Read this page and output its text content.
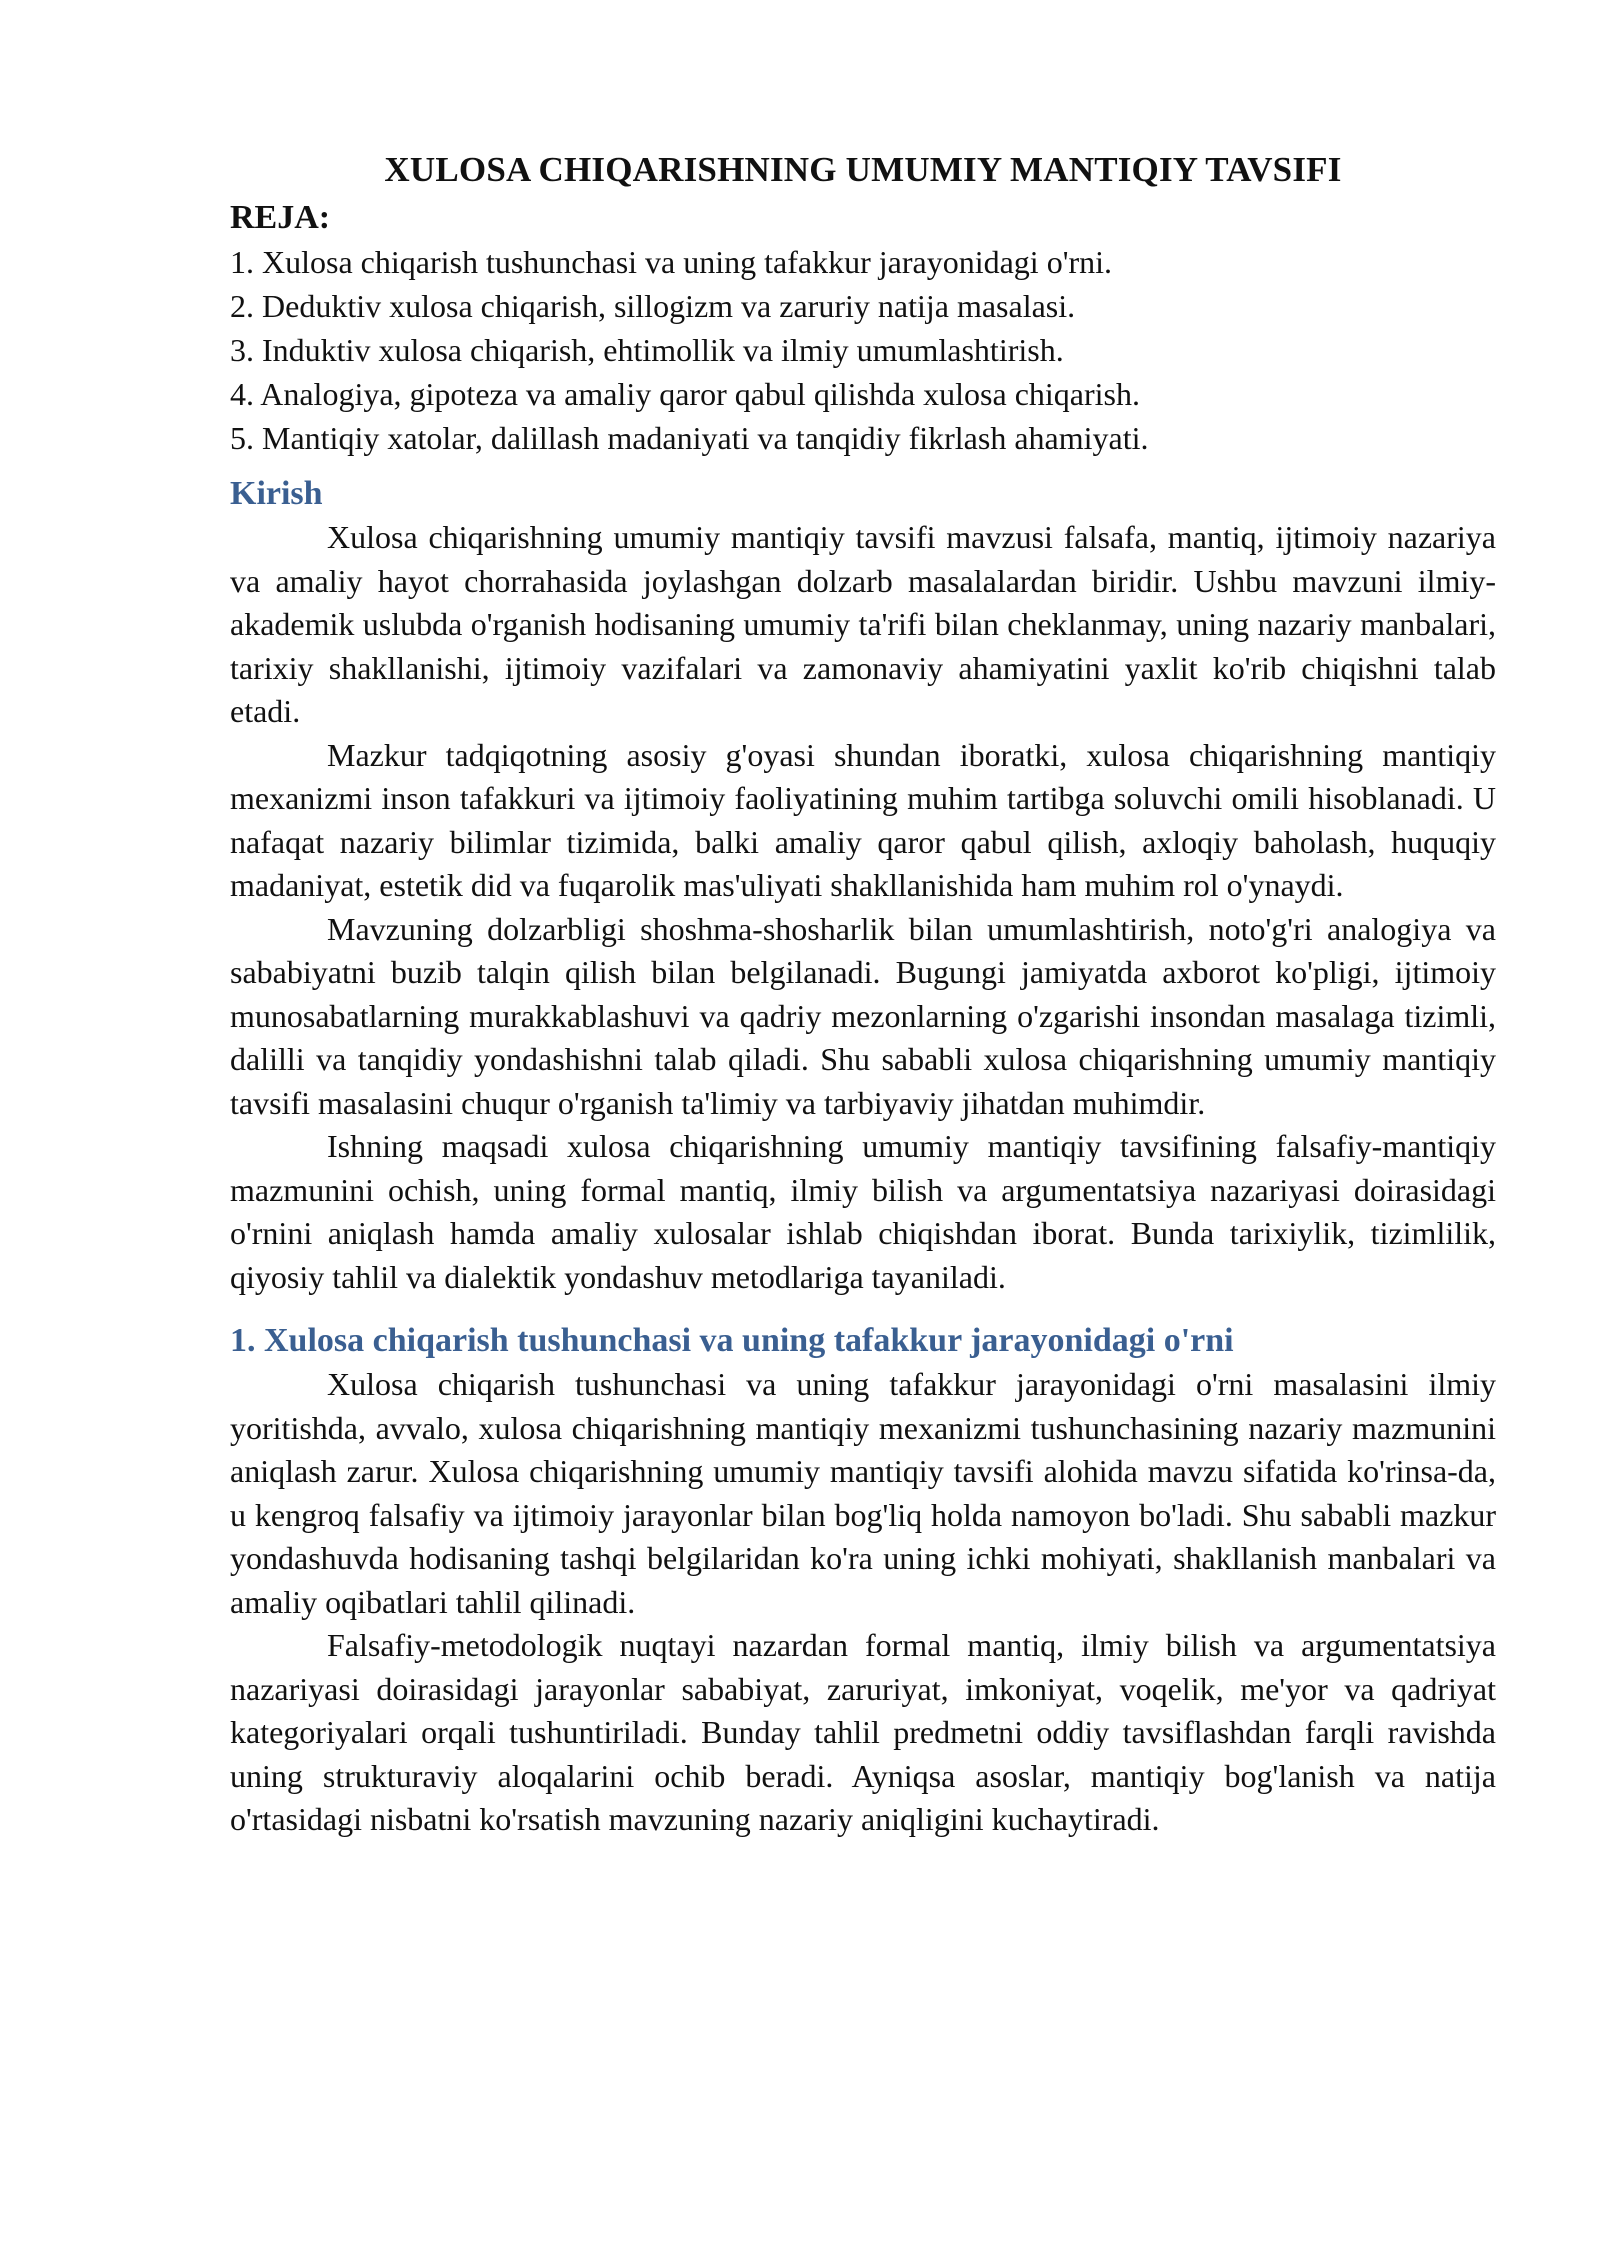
XULOSA CHIQARISHNING UMUMIY MANTIQIY TAVSIFI
REJA:
1. Xulosa chiqarish tushunchasi va uning tafakkur jarayonidagi o'rni.
2. Deduktiv xulosa chiqarish, sillogizm va zaruriy natija masalasi.
3. Induktiv xulosa chiqarish, ehtimollik va ilmiy umumlashtirish.
4. Analogiya, gipoteza va amaliy qaror qabul qilishda xulosa chiqarish.
5. Mantiqiy xatolar, dalillash madaniyati va tanqidiy fikrlash ahamiyati.
Kirish

Xulosa chiqarishning umumiy mantiqiy tavsifi mavzusi falsafa, mantiq, ijtimoiy nazariya va amaliy hayot chorrahasida joylashgan dolzarb masalalardan biridir. Ushbu mavzuni ilmiy-akademik uslubda o'rganish hodisaning umumiy ta'rifi bilan cheklanmay, uning nazariy manbalari, tarixiy shakllanishi, ijtimoiy vazifalari va zamonaviy ahamiyatini yaxlit ko'rib chiqishni talab etadi.

Mazkur tadqiqotning asosiy g'oyasi shundan iboratki, xulosa chiqarishning mantiqiy mexanizmi inson tafakkuri va ijtimoiy faoliyatining muhim tartibga soluvchi omili hisoblanadi. U nafaqat nazariy bilimlar tizimida, balki amaliy qaror qabul qilish, axloqiy baholash, huquqiy madaniyat, estetik did va fuqarolik mas'uliyati shakllanishida ham muhim rol o'ynaydi.

Mavzuning dolzarbligi shoshma-shosharlik bilan umumlashtirish, noto'g'ri analogiya va sababiyatni buzib talqin qilish bilan belgilanadi. Bugungi jamiyatda axborot ko'pligi, ijtimoiy munosabatlarning murakkablashuvi va qadriy mezonlarning o'zgarishi insondan masalaga tizimli, dalilli va tanqidiy yondashishni talab qiladi. Shu sababli xulosa chiqarishning umumiy mantiqiy tavsifi masalasini chuqur o'rganish ta'limiy va tarbiyaviy jihatdan muhimdir.

Ishning maqsadi xulosa chiqarishning umumiy mantiqiy tavsifining falsafiy-mantiqiy mazmunini ochish, uning formal mantiq, ilmiy bilish va argumentatsiya nazariyasi doirasidagi o'rnini aniqlash hamda amaliy xulosalar ishlab chiqishdan iborat. Bunda tarixiylik, tizimlilik, qiyosiy tahlil va dialektik yondashuv metodlariga tayaniladi.

1. Xulosa chiqarish tushunchasi va uning tafakkur jarayonidagi o'rni

Xulosa chiqarish tushunchasi va uning tafakkur jarayonidagi o'rni masalasini ilmiy yoritishda, avvalo, xulosa chiqarishning mantiqiy mexanizmi tushunchasining nazariy mazmunini aniqlash zarur. Xulosa chiqarishning umumiy mantiqiy tavsifi alohida mavzu sifatida ko'rinsa-da, u kengroq falsafiy va ijtimoiy jarayonlar bilan bog'liq holda namoyon bo'ladi. Shu sababli mazkur yondashuvda hodisaning tashqi belgilaridan ko'ra uning ichki mohiyati, shakllanish manbalari va amaliy oqibatlari tahlil qilinadi.

Falsafiy-metodologik nuqtayi nazardan formal mantiq, ilmiy bilish va argumentatsiya nazariyasi doirasidagi jarayonlar sababiyat, zaruriyat, imkoniyat, voqelik, me'yor va qadriyat kategoriyalari orqali tushuntiriladi. Bunday tahlil predmetni oddiy tavsiflashdan farqli ravishda uning strukturaviy aloqalarini ochib beradi. Ayniqsa asoslar, mantiqiy bog'lanish va natija o'rtasidagi nisbatni ko'rsatish mavzuning nazariy aniqligini kuchaytiradi.
